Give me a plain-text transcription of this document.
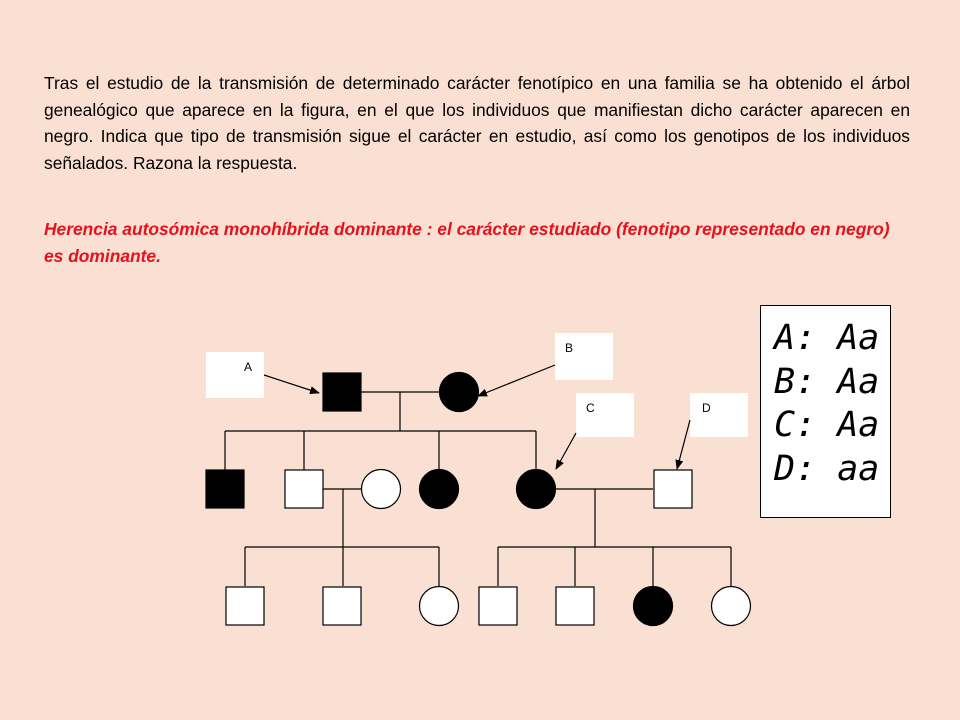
Tras el estudio de la transmisión de determinado carácter fenotípico en una familia se ha obtenido el árbol genealógico que aparece en la figura, en el que los individuos que manifiestan dicho carácter aparecen en negro. Indica que tipo de transmisión sigue el carácter en estudio, así como los genotipos de los individuos señalados. Razona la respuesta.

Herencia autosómica monohíbrida dominante : el carácter estudiado (fenotipo representado en negro) es dominante.

A
B
C	D
A: Aa
B: Aa
C: Aa
D: aa
